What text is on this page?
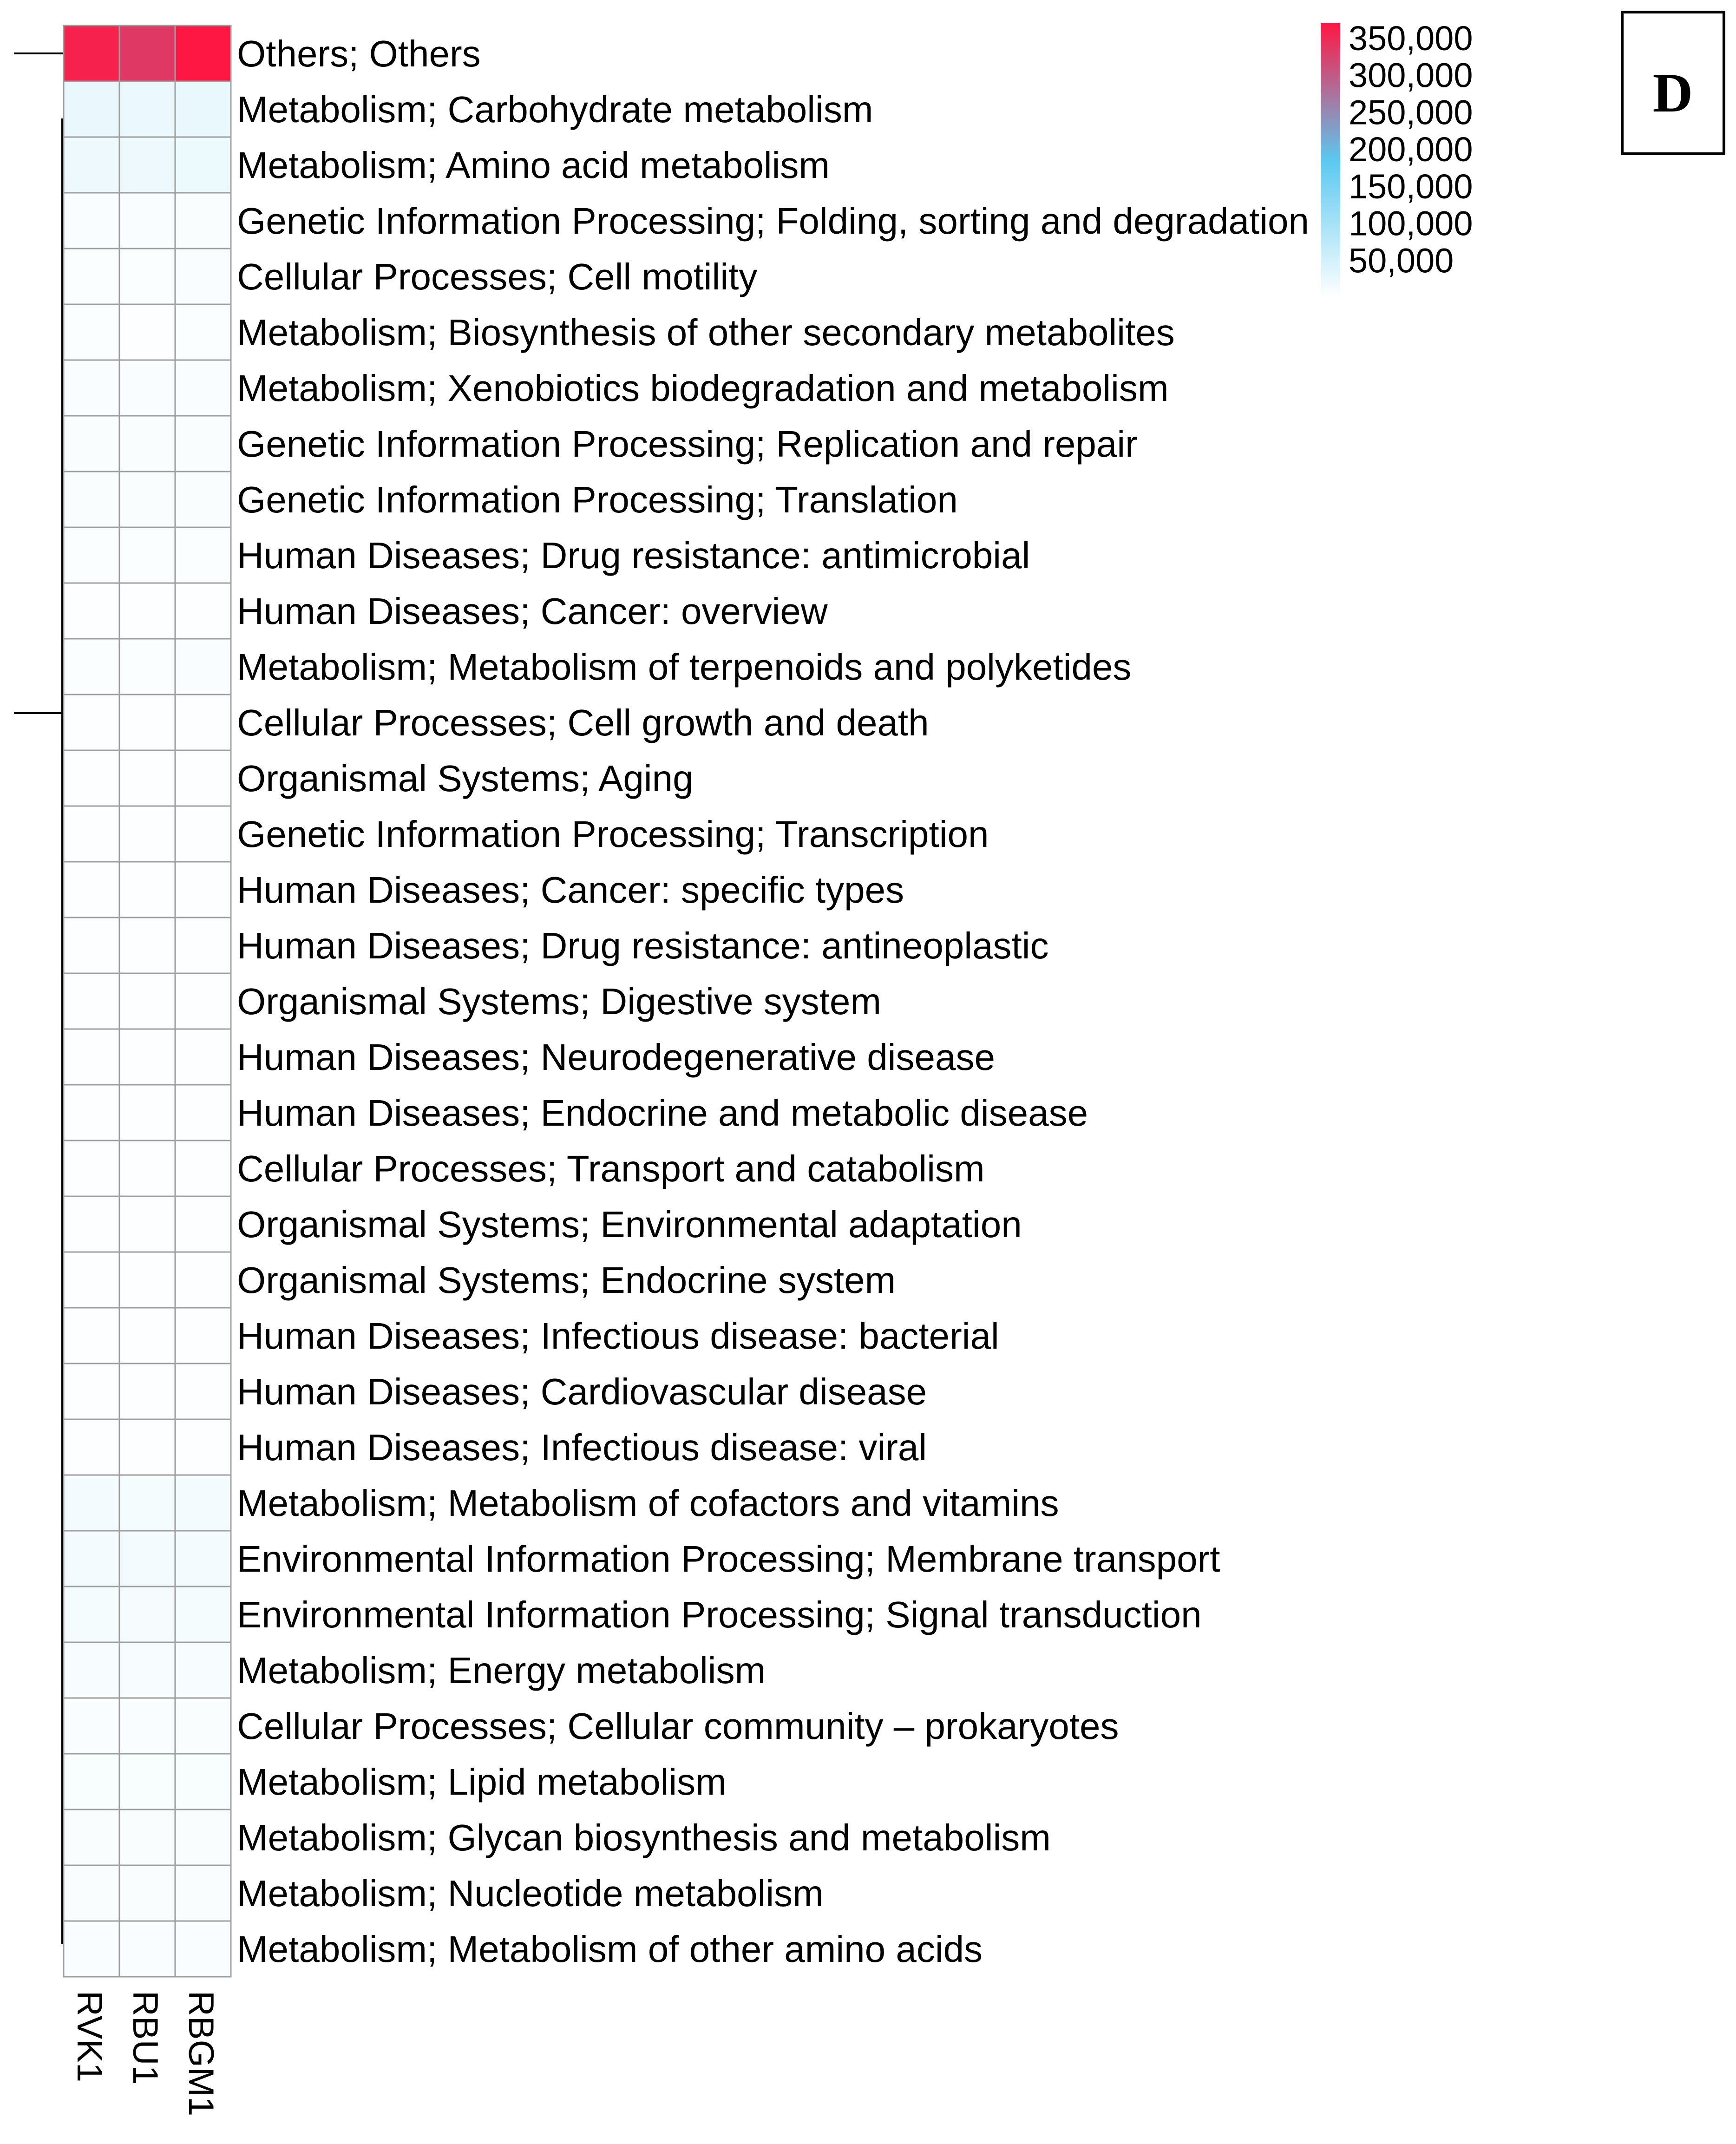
Others; Others
Metabolism; Carbohydrate metabolism
Metabolism; Amino acid metabolism
Genetic Information Processing; Folding, sorting and degradation
Cellular Processes; Cell motility
Metabolism; Biosynthesis of other secondary metabolites
Metabolism; Xenobiotics biodegradation and metabolism
Genetic Information Processing; Replication and repair
Genetic Information Processing; Translation
Human Diseases; Drug resistance: antimicrobial
Human Diseases; Cancer: overview
Metabolism; Metabolism of terpenoids and polyketides
Cellular Processes; Cell growth and death
Organismal Systems; Aging
Genetic Information Processing; Transcription
Human Diseases; Cancer: specific types
Human Diseases; Drug resistance: antineoplastic
Organismal Systems; Digestive system
Human Diseases; Neurodegenerative disease
Human Diseases; Endocrine and metabolic disease
Cellular Processes; Transport and catabolism
Organismal Systems; Environmental adaptation
Organismal Systems; Endocrine system
Human Diseases; Infectious disease: bacterial
Human Diseases; Cardiovascular disease
Human Diseases; Infectious disease: viral
Metabolism; Metabolism of cofactors and vitamins
Environmental Information Processing; Membrane transport
Environmental Information Processing; Signal transduction
Metabolism; Energy metabolism
Cellular Processes; Cellular community – prokaryotes
Metabolism; Lipid metabolism
Metabolism; Glycan biosynthesis and metabolism
Metabolism; Nucleotide metabolism
Metabolism; Metabolism of other amino acids
RVK1 RBU1 RBGM1
350,000
300,000
250,000
200,000
150,000
100,000
50,000
D
